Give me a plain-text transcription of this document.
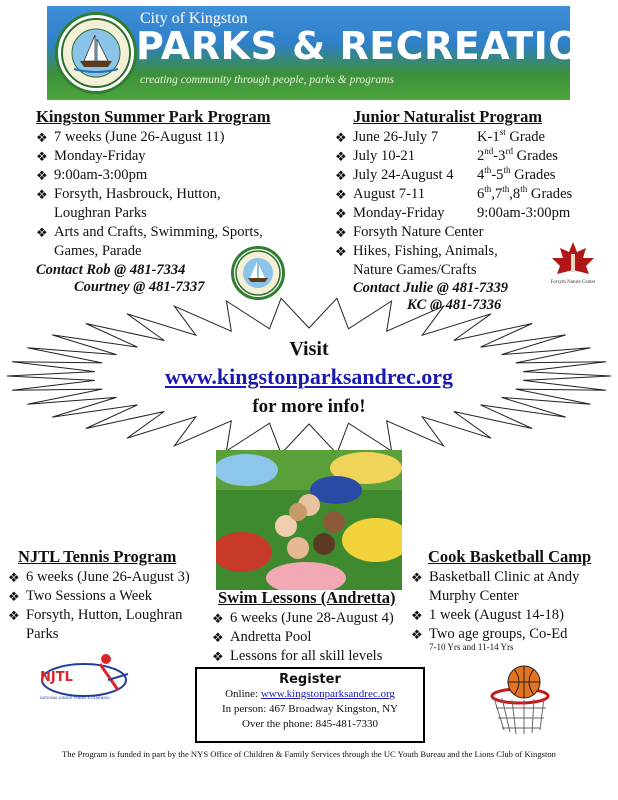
City of Kingston
PARKS & RECREATION
creating community through people, parks & programs
Kingston Summer Park Program
❖ 7 weeks (June 26-August 11)
❖ Monday-Friday
❖ 9:00am-3:00pm
❖ Forsyth, Hasbrouck, Hutton,
Loughran Parks
❖ Arts and Crafts, Swimming, Sports,
Games, Parade
Contact Rob @ 481-7334
Courtney @ 481-7337
Junior Naturalist Program
❖ June 26-July 7	K-1st Grade
❖ July 10-21	2nd-3rd Grades
❖ July 24-August 4	4th-5th Grades
❖ August 7-11	6th,7th,8th Grades
❖ Monday-Friday	9:00am-3:00pm
❖ Forsyth Nature Center
❖ Hikes, Fishing, Animals,
Nature Games/Crafts
Contact Julie @ 481-7339
KC @ 481-7336
Forsyth Nature Center
Visit
www.kingstonparksandrec.org
for more info!
NJTL Tennis Program
❖ 6 weeks (June 26-August 3)
❖ Two Sessions a Week
❖ Forsyth, Hutton, Loughran
Parks
NJTL
NATIONAL JUNIOR TENNIS & LEARNING
Swim Lessons (Andretta)
❖ 6 weeks (June 28-August 4)
❖ Andretta Pool
❖ Lessons for all skill levels
Cook Basketball Camp
❖ Basketball Clinic at Andy
Murphy Center
❖ 1 week (August 14-18)
❖ Two age groups, Co-Ed
7-10 Yrs and 11-14 Yrs
Register
Online: www.kingstonparksandrec.org
In person: 467 Broadway Kingston, NY
Over the phone: 845-481-7330
The Program is funded in part by the NYS Office of Children & Family Services through the UC Youth Bureau and the Lions Club of Kingston
